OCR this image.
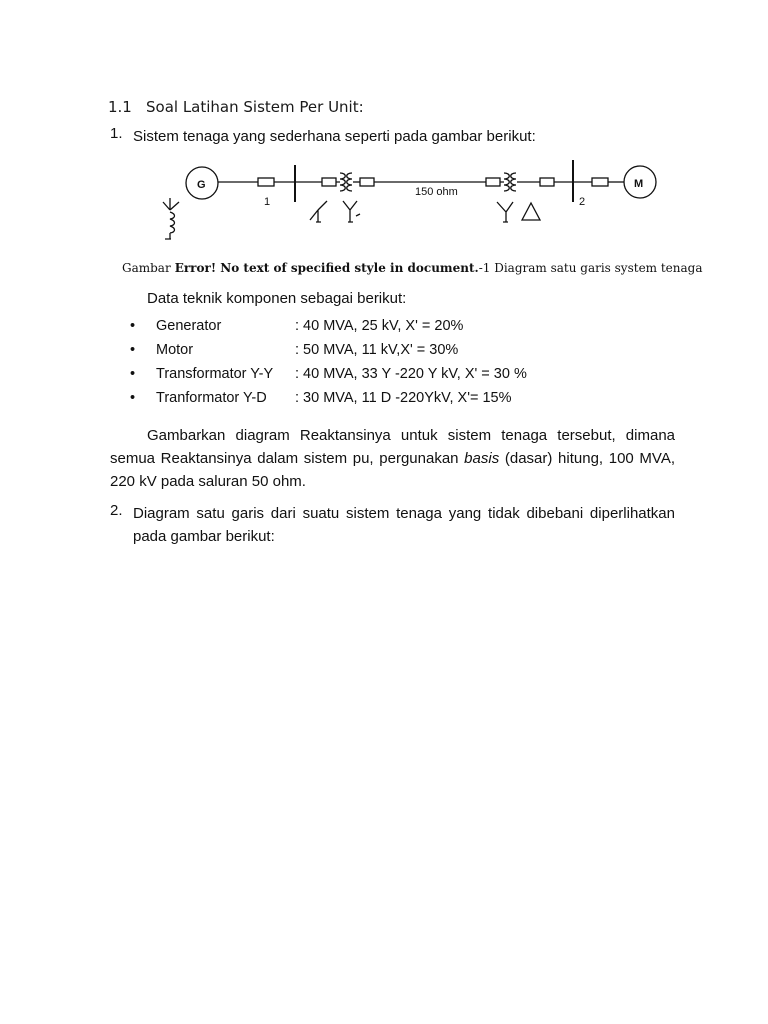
1.1 Soal Latihan Sistem Per Unit:
1. Sistem tenaga yang sederhana seperti pada gambar berikut:
G	M
1	2
150 ohm
Gambar Error! No text of specified style in document.-1 Diagram satu garis system tenaga
Data teknik komponen sebagai berikut:
• Generator	: 40 MVA, 25 kV, X' = 20%
• Motor	: 50 MVA, 11 kV,X' = 30%
• Transformator Y-Y : 40 MVA, 33 Y -220 Y kV, X' = 30 %
• Tranformator Y-D : 30 MVA, 11 D -220YkV, X'= 15%
Gambarkan diagram Reaktansinya untuk sistem tenaga tersebut, dimana semua Reaktansinya dalam sistem pu, pergunakan basis (dasar) hitung, 100 MVA, 220 kV pada saluran 50 ohm.
2. Diagram satu garis dari suatu sistem tenaga yang tidak dibebani diperlihatkan pada gambar berikut:
